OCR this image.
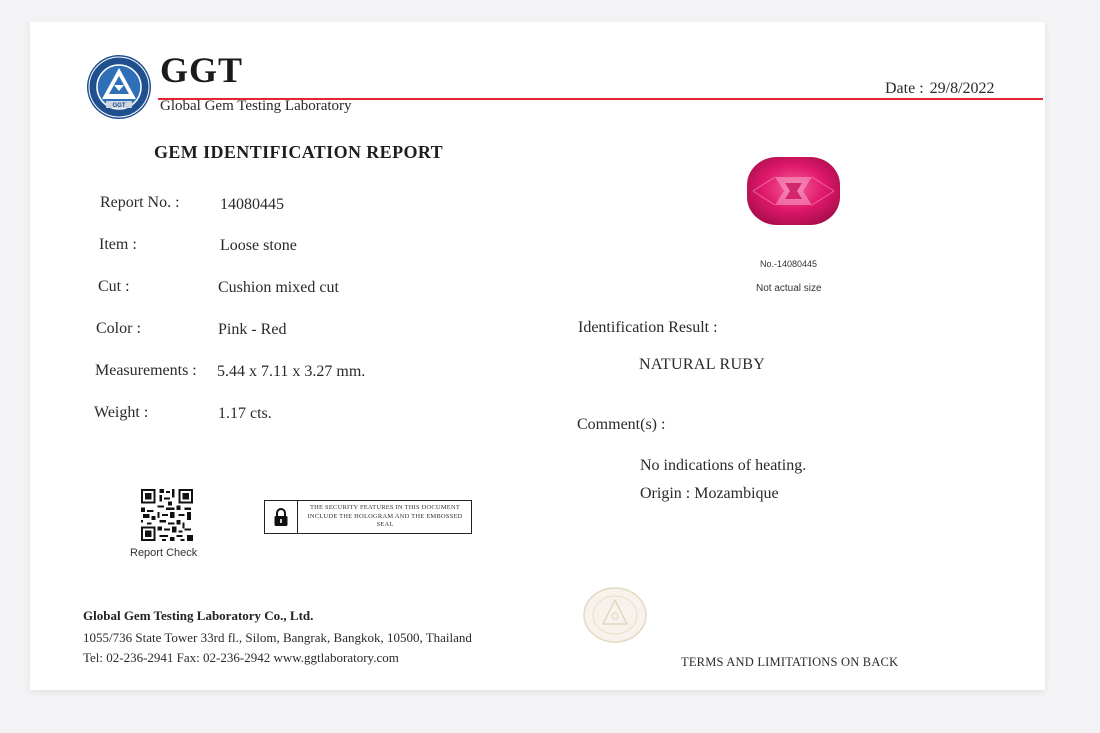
GGT
GGT
Global Gem Testing Laboratory
Date : 29/8/2022
GEM IDENTIFICATION REPORT
Report No. :	14080445
Item :	Loose stone
Cut :	Cushion mixed cut
Color :	Pink - Red
Measurements : 5.44 x 7.11 x 3.27 mm.
Weight :	1.17 cts.
No.-14080445
Not actual size
Identification Result :
NATURAL RUBY
Comment(s) :
No indications of heating.
Origin : Mozambique
Report Check
THE SECURITY FEATURES IN THIS DOCUMENT INCLUDE THE HOLOGRAM AND THE EMBOSSED SEAL
Global Gem Testing Laboratory Co., Ltd.
1055/736 State Tower 33rd fl., Silom, Bangrak, Bangkok, 10500, Thailand
Tel: 02-236-2941 Fax: 02-236-2942 www.ggtlaboratory.com	TERMS AND LIMITATIONS ON BACK
